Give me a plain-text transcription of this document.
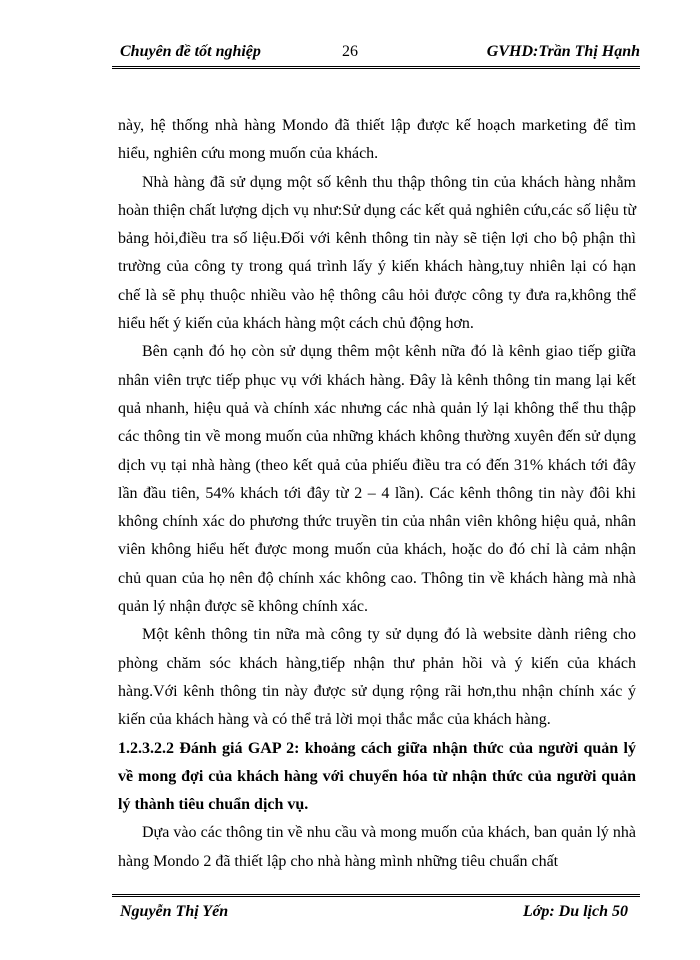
Chuyên đề tốt nghiệp	26	GVHD:Trần Thị Hạnh

này, hệ thống nhà hàng Mondo đã thiết lập được kế hoạch marketing để tìm hiểu, nghiên cứu mong muốn của khách.

Nhà hàng đã sử dụng một số kênh thu thập thông tin của khách hàng nhằm hoàn thiện chất lượng dịch vụ như:Sử dụng các kết quả nghiên cứu,các số liệu từ bảng hỏi,điều tra số liệu.Đối với kênh thông tin này sẽ tiện lợi cho bộ phận thì trường của công ty trong quá trình lấy ý kiến khách hàng,tuy nhiên lại có hạn chế là sẽ phụ thuộc nhiều vào hệ thông câu hỏi được công ty đưa ra,không thể hiểu hết ý kiến của khách hàng một cách chủ động hơn.

Bên cạnh đó họ còn sử dụng thêm một kênh nữa đó là kênh giao tiếp giữa nhân viên trực tiếp phục vụ với khách hàng. Đây là kênh thông tin mang lại kết quả nhanh, hiệu quả và chính xác nhưng các nhà quản lý lại không thể thu thập các thông tin về mong muốn của những khách không thường xuyên đến sử dụng dịch vụ tại nhà hàng (theo kết quả của phiếu điều tra có đến 31% khách tới đây lần đầu tiên, 54% khách tới đây từ 2 – 4 lần). Các kênh thông tin này đôi khi không chính xác do phương thức truyền tin của nhân viên không hiệu quả, nhân viên không hiểu hết được mong muốn của khách, hoặc do đó chỉ là cảm nhận chủ quan của họ nên độ chính xác không cao. Thông tin về khách hàng mà nhà quản lý nhận được sẽ không chính xác.

Một kênh thông tin nữa mà công ty sử dụng đó là website dành riêng cho phòng chăm sóc khách hàng,tiếp nhận thư phản hồi và ý kiến của khách hàng.Với kênh thông tin này được sử dụng rộng rãi hơn,thu nhận chính xác ý kiến của khách hàng và có thể trả lời mọi thắc mắc của khách hàng.

1.2.3.2.2 Đánh giá GAP 2: khoảng cách giữa nhận thức của người quản lý về mong đợi của khách hàng với chuyển hóa từ nhận thức của người quản lý thành tiêu chuẩn dịch vụ.

Dựa vào các thông tin về nhu cầu và mong muốn của khách, ban quản lý nhà hàng Mondo 2 đã thiết lập cho nhà hàng mình những tiêu chuẩn chất

Nguyễn Thị Yến	Lớp: Du lịch 50
